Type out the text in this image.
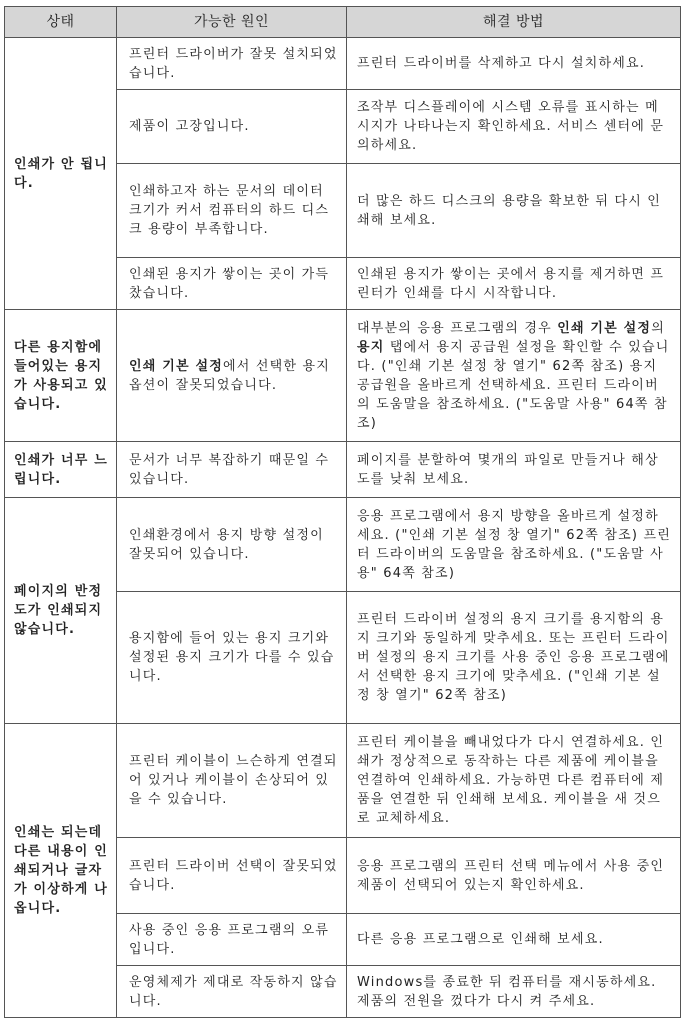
상태	가능한 원인	해결 방법
인쇄가 안 됩니다.	프린터 드라이버가 잘못 설치되었습니다.	프린터 드라이버를 삭제하고 다시 설치하세요.
	제품이 고장입니다.	조작부 디스플레이에 시스템 오류를 표시하는 메시지가 나타나는지 확인하세요. 서비스 센터에 문의하세요.
	인쇄하고자 하는 문서의 데이터 크기가 커서 컴퓨터의 하드 디스크 용량이 부족합니다.	더 많은 하드 디스크의 용량을 확보한 뒤 다시 인쇄해 보세요.
	인쇄된 용지가 쌓이는 곳이 가득 찼습니다.	인쇄된 용지가 쌓이는 곳에서 용지를 제거하면 프린터가 인쇄를 다시 시작합니다.
다른 용지함에 들어있는 용지가 사용되고 있습니다.	인쇄 기본 설정에서 선택한 용지 옵션이 잘못되었습니다.	대부분의 응용 프로그램의 경우 인쇄 기본 설정의 용지 탭에서 용지 공급원 설정을 확인할 수 있습니다. ("인쇄 기본 설정 창 열기" 62쪽 참조) 용지 공급원을 올바르게 선택하세요. 프린터 드라이버의 도움말을 참조하세요. ("도움말 사용" 64쪽 참조)
인쇄가 너무 느립니다.	문서가 너무 복잡하기 때문일 수 있습니다.	페이지를 분할하여 몇개의 파일로 만들거나 해상도를 낮춰 보세요.
페이지의 반정도가 인쇄되지 않습니다.	인쇄환경에서 용지 방향 설정이 잘못되어 있습니다.	응용 프로그램에서 용지 방향을 올바르게 설정하세요. ("인쇄 기본 설정 창 열기" 62쪽 참조) 프린터 드라이버의 도움말을 참조하세요. ("도움말 사용" 64쪽 참조)
	용지함에 들어 있는 용지 크기와 설정된 용지 크기가 다를 수 있습니다.	프린터 드라이버 설정의 용지 크기를 용지함의 용지 크기와 동일하게 맞추세요. 또는 프린터 드라이버 설정의 용지 크기를 사용 중인 응용 프로그램에서 선택한 용지 크기에 맞추세요. ("인쇄 기본 설정 창 열기" 62쪽 참조)
인쇄는 되는데 다른 내용이 인쇄되거나 글자가 이상하게 나옵니다.	프린터 케이블이 느슨하게 연결되어 있거나 케이블이 손상되어 있을 수 있습니다.	프린터 케이블을 빼내었다가 다시 연결하세요. 인쇄가 정상적으로 동작하는 다른 제품에 케이블을 연결하여 인쇄하세요. 가능하면 다른 컴퓨터에 제품을 연결한 뒤 인쇄해 보세요. 케이블을 새 것으로 교체하세요.
	프린터 드라이버 선택이 잘못되었습니다.	응용 프로그램의 프린터 선택 메뉴에서 사용 중인 제품이 선택되어 있는지 확인하세요.
	사용 중인 응용 프로그램의 오류입니다.	다른 응용 프로그램으로 인쇄해 보세요.
	운영체제가 제대로 작동하지 않습니다.	Windows를 종료한 뒤 컴퓨터를 재시동하세요. 제품의 전원을 껐다가 다시 켜 주세요.
